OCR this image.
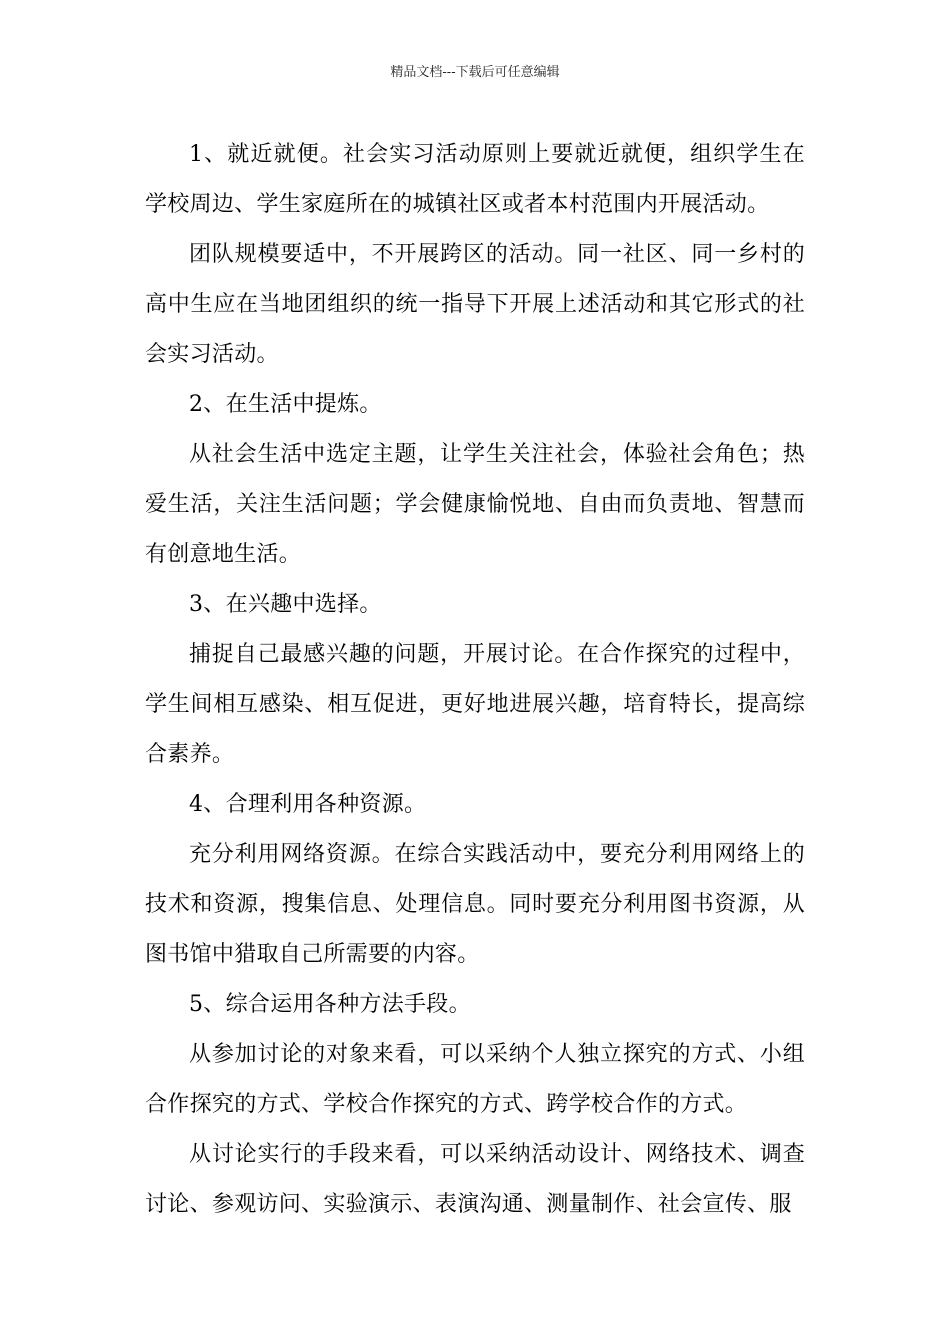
精品文档---下载后可任意编辑

1、就近就便。社会实习活动原则上要就近就便，组织学生在学校周边、学生家庭所在的城镇社区或者本村范围内开展活动。

团队规模要适中，不开展跨区的活动。同一社区、同一乡村的高中生应在当地团组织的统一指导下开展上述活动和其它形式的社会实习活动。

2、在生活中提炼。

从社会生活中选定主题，让学生关注社会，体验社会角色；热爱生活，关注生活问题；学会健康愉悦地、自由而负责地、智慧而有创意地生活。

3、在兴趣中选择。

捕捉自己最感兴趣的问题，开展讨论。在合作探究的过程中，学生间相互感染、相互促进，更好地进展兴趣，培育特长，提高综合素养。

4、合理利用各种资源。

充分利用网络资源。在综合实践活动中，要充分利用网络上的技术和资源，搜集信息、处理信息。同时要充分利用图书资源，从图书馆中猎取自己所需要的内容。

5、综合运用各种方法手段。

从参加讨论的对象来看，可以采纳个人独立探究的方式、小组合作探究的方式、学校合作探究的方式、跨学校合作的方式。

从讨论实行的手段来看，可以采纳活动设计、网络技术、调查讨论、参观访问、实验演示、表演沟通、测量制作、社会宣传、服
